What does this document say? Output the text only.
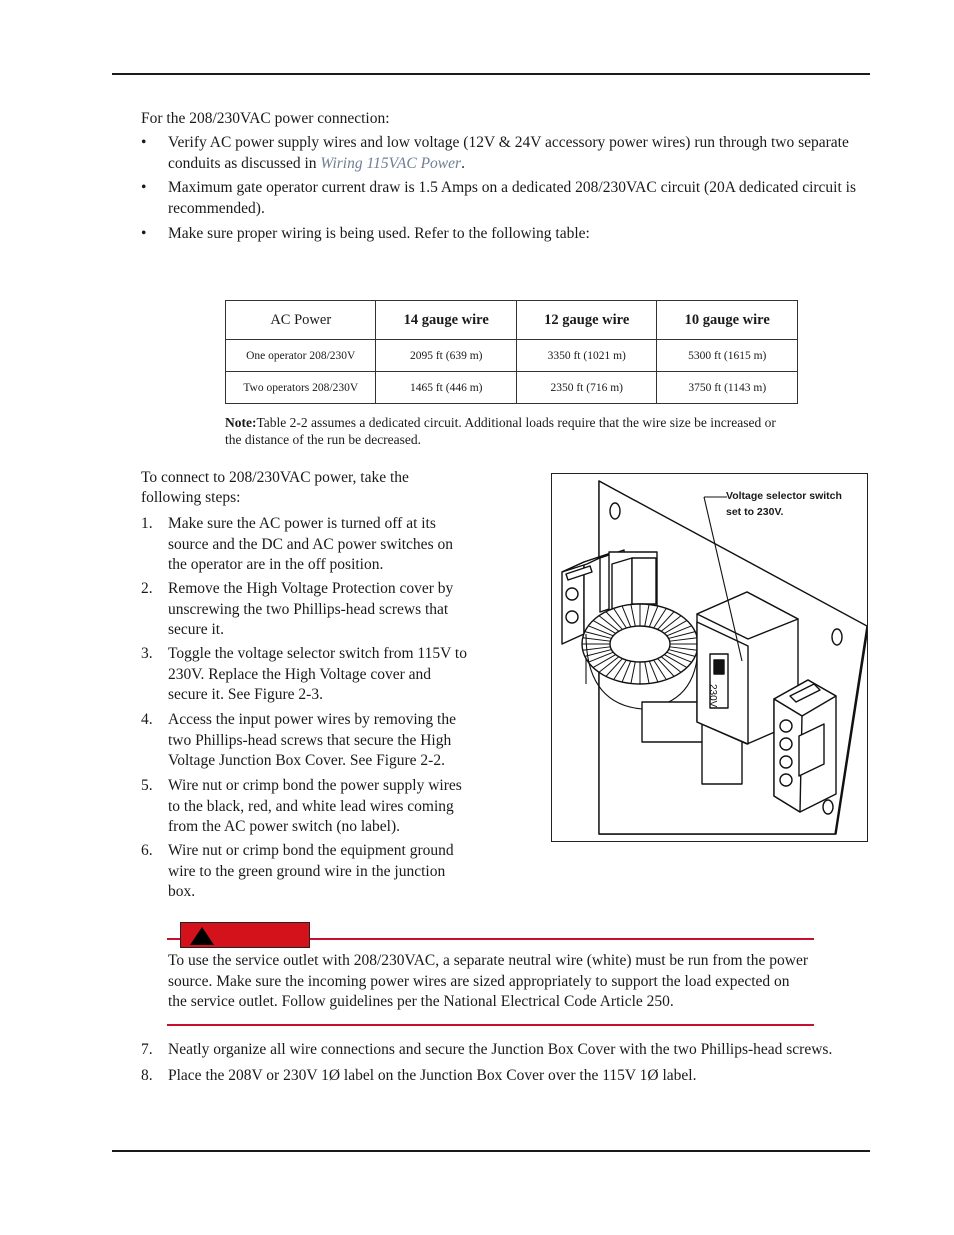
For the 208/230VAC power connection:
• Verify AC power supply wires and low voltage (12V & 24V accessory power wires) run through two separate conduits as discussed in Wiring 115VAC Power.
• Maximum gate operator current draw is 1.5 Amps on a dedicated 208/230VAC circuit (20A dedicated circuit is recommended).
• Make sure proper wiring is being used. Refer to the following table:
AC Power	14 gauge wire	12 gauge wire	10 gauge wire
One operator 208/230V	2095 ft (639 m)	3350 ft (1021 m)	5300 ft (1615 m)
Two operators 208/230V	1465 ft (446 m)	2350 ft (716 m)	3750 ft (1143 m)
Note:Table 2-2 assumes a dedicated circuit. Additional loads require that the wire size be increased or the distance of the run be decreased.
To connect to 208/230VAC power, take the following steps:
1. Make sure the AC power is turned off at its source and the DC and AC power switches on the operator are in the off position.
2. Remove the High Voltage Protection cover by unscrewing the two Phillips-head screws that secure it.
3. Toggle the voltage selector switch from 115V to 230V. Replace the High Voltage cover and secure it. See Figure 2-3.
4. Access the input power wires by removing the two Phillips-head screws that secure the High Voltage Junction Box Cover. See Figure 2-2.
5. Wire nut or crimp bond the power supply wires to the black, red, and white lead wires coming from the AC power switch (no label).
6. Wire nut or crimp bond the equipment ground wire to the green ground wire in the junction box.
230V
Voltage selector switch
set to 230V.
To use the service outlet with 208/230VAC, a separate neutral wire (white) must be run from the power source. Make sure the incoming power wires are sized appropriately to support the load expected on the service outlet. Follow guidelines per the National Electrical Code Article 250.
7. Neatly organize all wire connections and secure the Junction Box Cover with the two Phillips-head screws.
8. Place the 208V or 230V 1Ø label on the Junction Box Cover over the 115V 1Ø label.
